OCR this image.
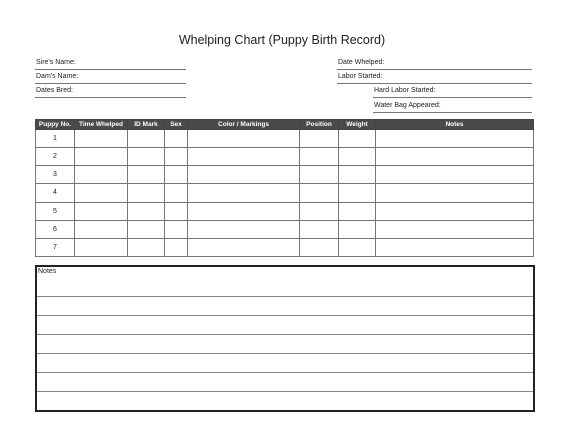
Whelping Chart (Puppy Birth Record)
Sire's Name:
Dam's Name:
Dates Bred:
Date Whelped:
Labor Started:
Hard Labor Started:
Water Bag Appeared:
Puppy No.	Time Whelped	ID Mark	Sex	Color / Markings	Position	Weight	Notes
1							
2							
3							
4							
5							
6							
7							
Notes
